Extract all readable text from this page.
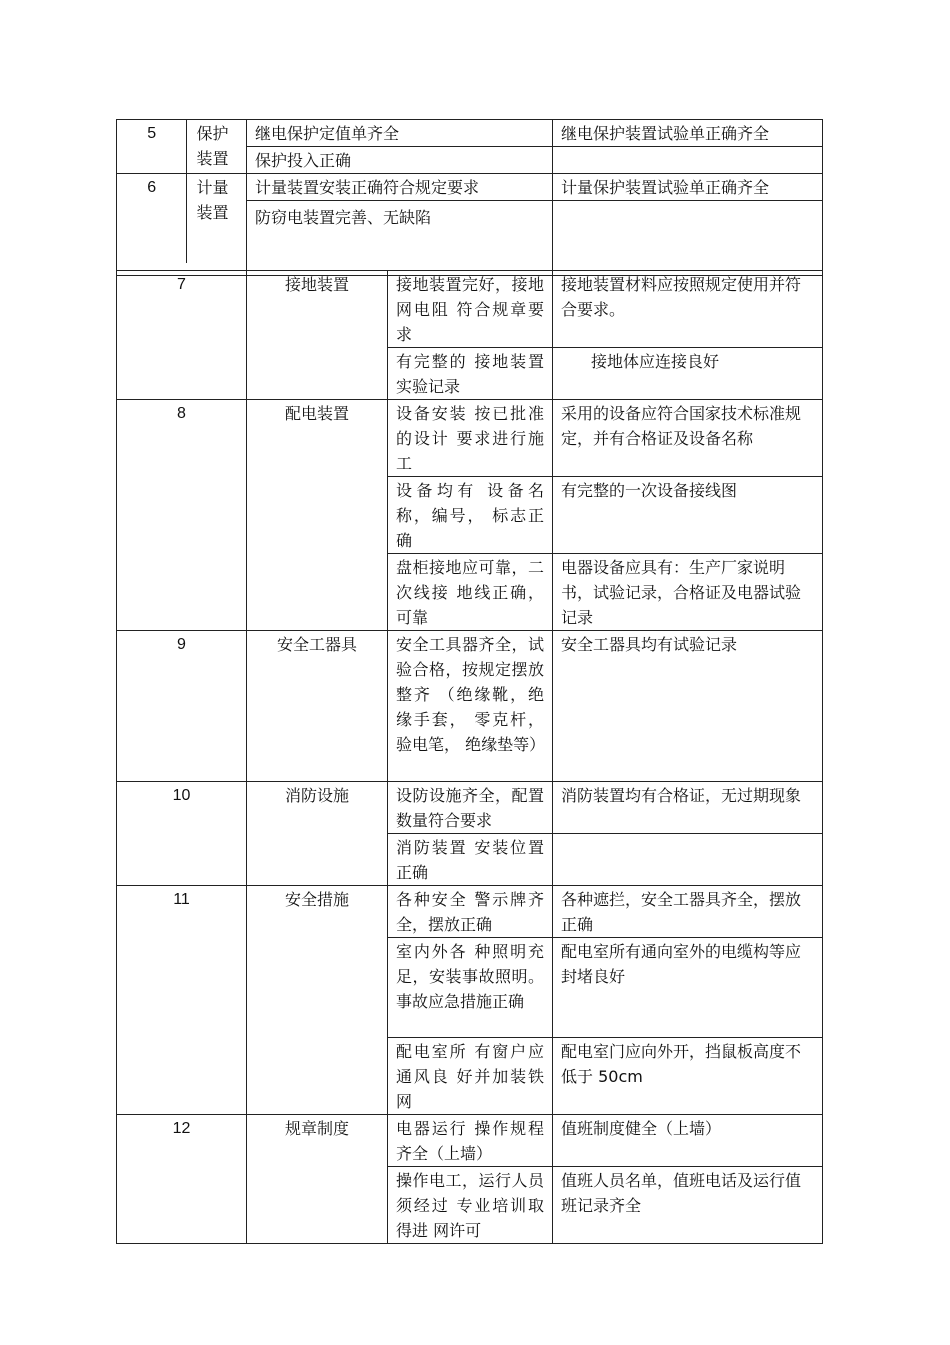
5	保护装置	继电保护定值单齐全	继电保护装置试验单正确齐全
		保护投入正确	
6	计量装置	计量装置安装正确符合规定要求	计量保护装置试验单正确齐全
		防窃电装置完善、无缺陷	
7	接地装置	接地装置完好，接地网电阻 符合规章要求	接地装置材料应按照规定使用并符合要求。
		有完整的 接地装置实验记录	接地体应连接良好
8	配电装置	设备安装 按已批准的设计 要求进行施工	采用的设备应符合国家技术标准规定，并有合格证及设备名称
		设备均有 设备名称，编号， 标志正确	有完整的一次设备接线图
		盘柜接地应可靠，二次线接 地线正确，可靠	电器设备应具有：生产厂家说明书，试验记录，合格证及电器试验记录
9	安全工器具	安全工具器齐全，试验合格，按规定摆放整齐 （绝缘靴，绝缘手套， 零克杆，验电笔， 绝缘垫等）	安全工器具均有试验记录
10	消防设施	设防设施齐全，配置数量符合要求	消防装置均有合格证，无过期现象
		消防装置 安装位置正确	
11	安全措施	各种安全 警示牌齐全，摆放正确	各种遮拦，安全工器具齐全，摆放正确
		室内外各 种照明充足，安装事故照明。事故应急措施正确	配电室所有通向室外的电缆构等应封堵良好
		配电室所 有窗户应通风良 好并加装铁网	配电室门应向外开，挡鼠板高度不低于 50cm
12	规章制度	电器运行 操作规程齐全（上墙）	值班制度健全（上墙）
		操作电工，运行人员须经过 专业培训取得进 网许可	值班人员名单，值班电话及运行值班记录齐全
